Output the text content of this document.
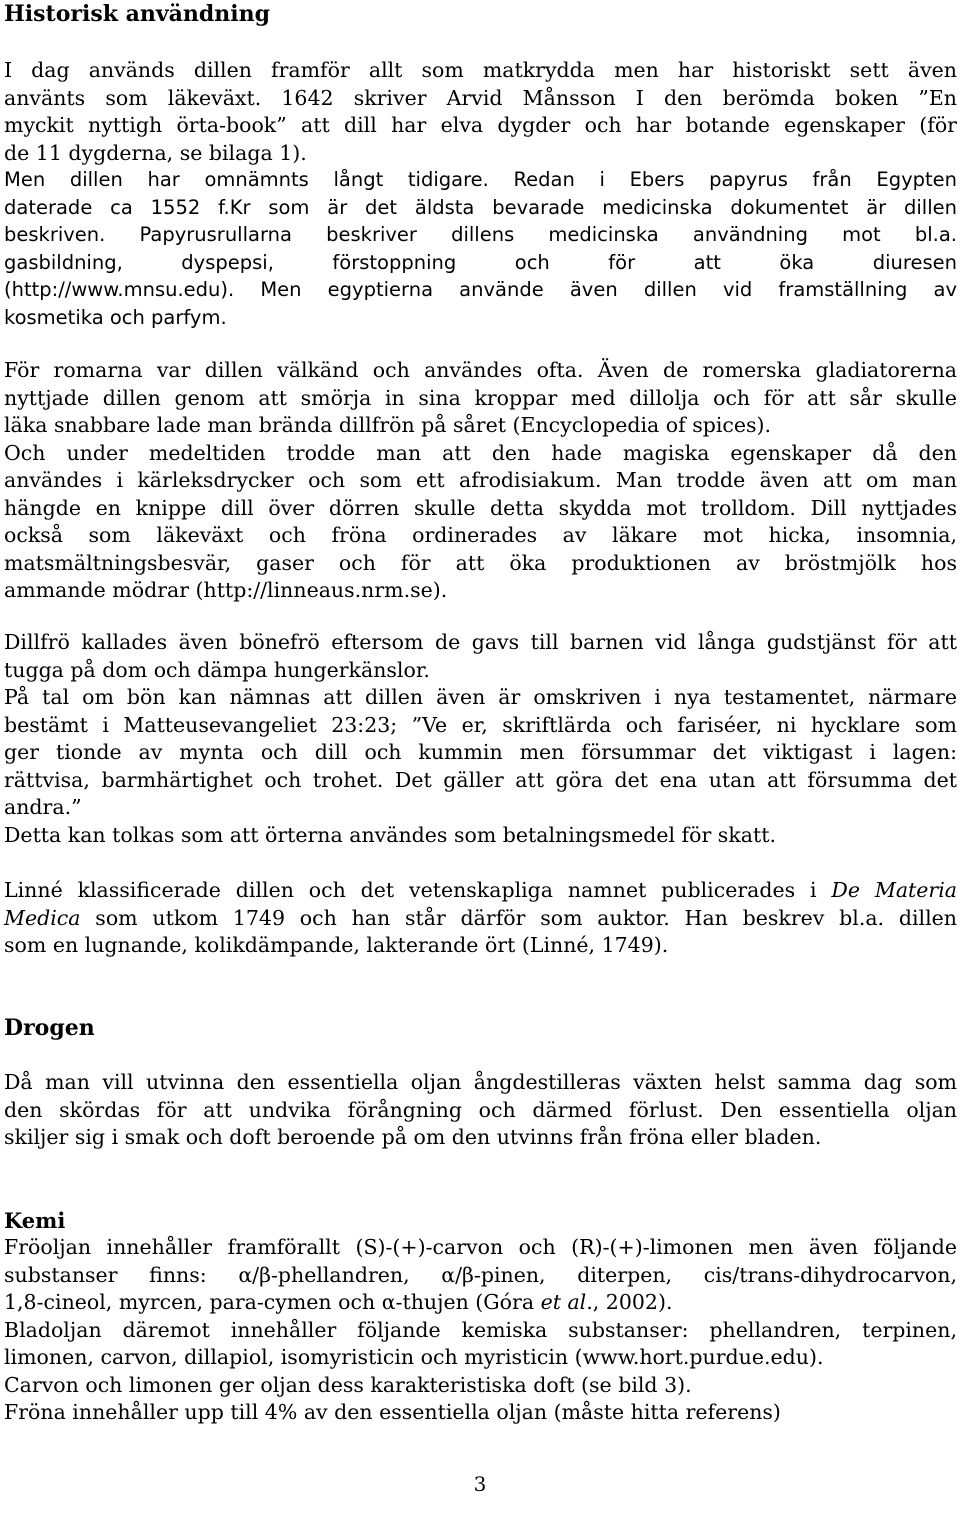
Historisk användning
I dag används dillen framför allt som matkrydda men har historiskt sett även
använts som läkeväxt. 1642 skriver Arvid Månsson I den berömda boken ”En
myckit nyttigh örta-book” att dill har elva dygder och har botande egenskaper (för
de 11 dygderna, se bilaga 1).
Men dillen har omnämnts långt tidigare. Redan i Ebers papyrus från Egypten
daterade ca 1552 f.Kr som är det äldsta bevarade medicinska dokumentet är dillen
beskriven. Papyrusrullarna beskriver dillens medicinska användning mot bl.a.
gasbildning, dyspepsi, förstoppning och för att öka diuresen
(http://www.mnsu.edu). Men egyptierna använde även dillen vid framställning av
kosmetika och parfym.
För romarna var dillen välkänd och användes ofta. Även de romerska gladiatorerna
nyttjade dillen genom att smörja in sina kroppar med dillolja och för att sår skulle
läka snabbare lade man brända dillfrön på såret (Encyclopedia of spices).
Och under medeltiden trodde man att den hade magiska egenskaper då den
användes i kärleksdrycker och som ett afrodisiakum. Man trodde även att om man
hängde en knippe dill över dörren skulle detta skydda mot trolldom. Dill nyttjades
också som läkeväxt och fröna ordinerades av läkare mot hicka, insomnia,
matsmältningsbesvär, gaser och för att öka produktionen av bröstmjölk hos
ammande mödrar (http://linneaus.nrm.se).
Dillfrö kallades även bönefrö eftersom de gavs till barnen vid långa gudstjänst för att
tugga på dom och dämpa hungerkänslor.
På tal om bön kan nämnas att dillen även är omskriven i nya testamentet, närmare
bestämt i Matteusevangeliet 23:23; ”Ve er, skriftlärda och fariséer, ni hycklare som
ger tionde av mynta och dill och kummin men försummar det viktigast i lagen:
rättvisa, barmhärtighet och trohet. Det gäller att göra det ena utan att försumma det
andra.”
Detta kan tolkas som att örterna användes som betalningsmedel för skatt.
Linné klassificerade dillen och det vetenskapliga namnet publicerades i De Materia
Medica som utkom 1749 och han står därför som auktor. Han beskrev bl.a. dillen
som en lugnande, kolikdämpande, lakterande ört (Linné, 1749).
Drogen
Då man vill utvinna den essentiella oljan ångdestilleras växten helst samma dag som
den skördas för att undvika förångning och därmed förlust. Den essentiella oljan
skiljer sig i smak och doft beroende på om den utvinns från fröna eller bladen.
Kemi
Fröoljan innehåller framförallt (S)-(+)-carvon och (R)-(+)-limonen men även följande
substanser finns: α/β-phellandren, α/β-pinen, diterpen, cis/trans-dihydrocarvon,
1,8-cineol, myrcen, para-cymen och α-thujen (Góra et al., 2002).
Bladoljan däremot innehåller följande kemiska substanser: phellandren, terpinen,
limonen, carvon, dillapiol, isomyristicin och myristicin (www.hort.purdue.edu).
Carvon och limonen ger oljan dess karakteristiska doft (se bild 3).
Fröna innehåller upp till 4% av den essentiella oljan (måste hitta referens)
3
